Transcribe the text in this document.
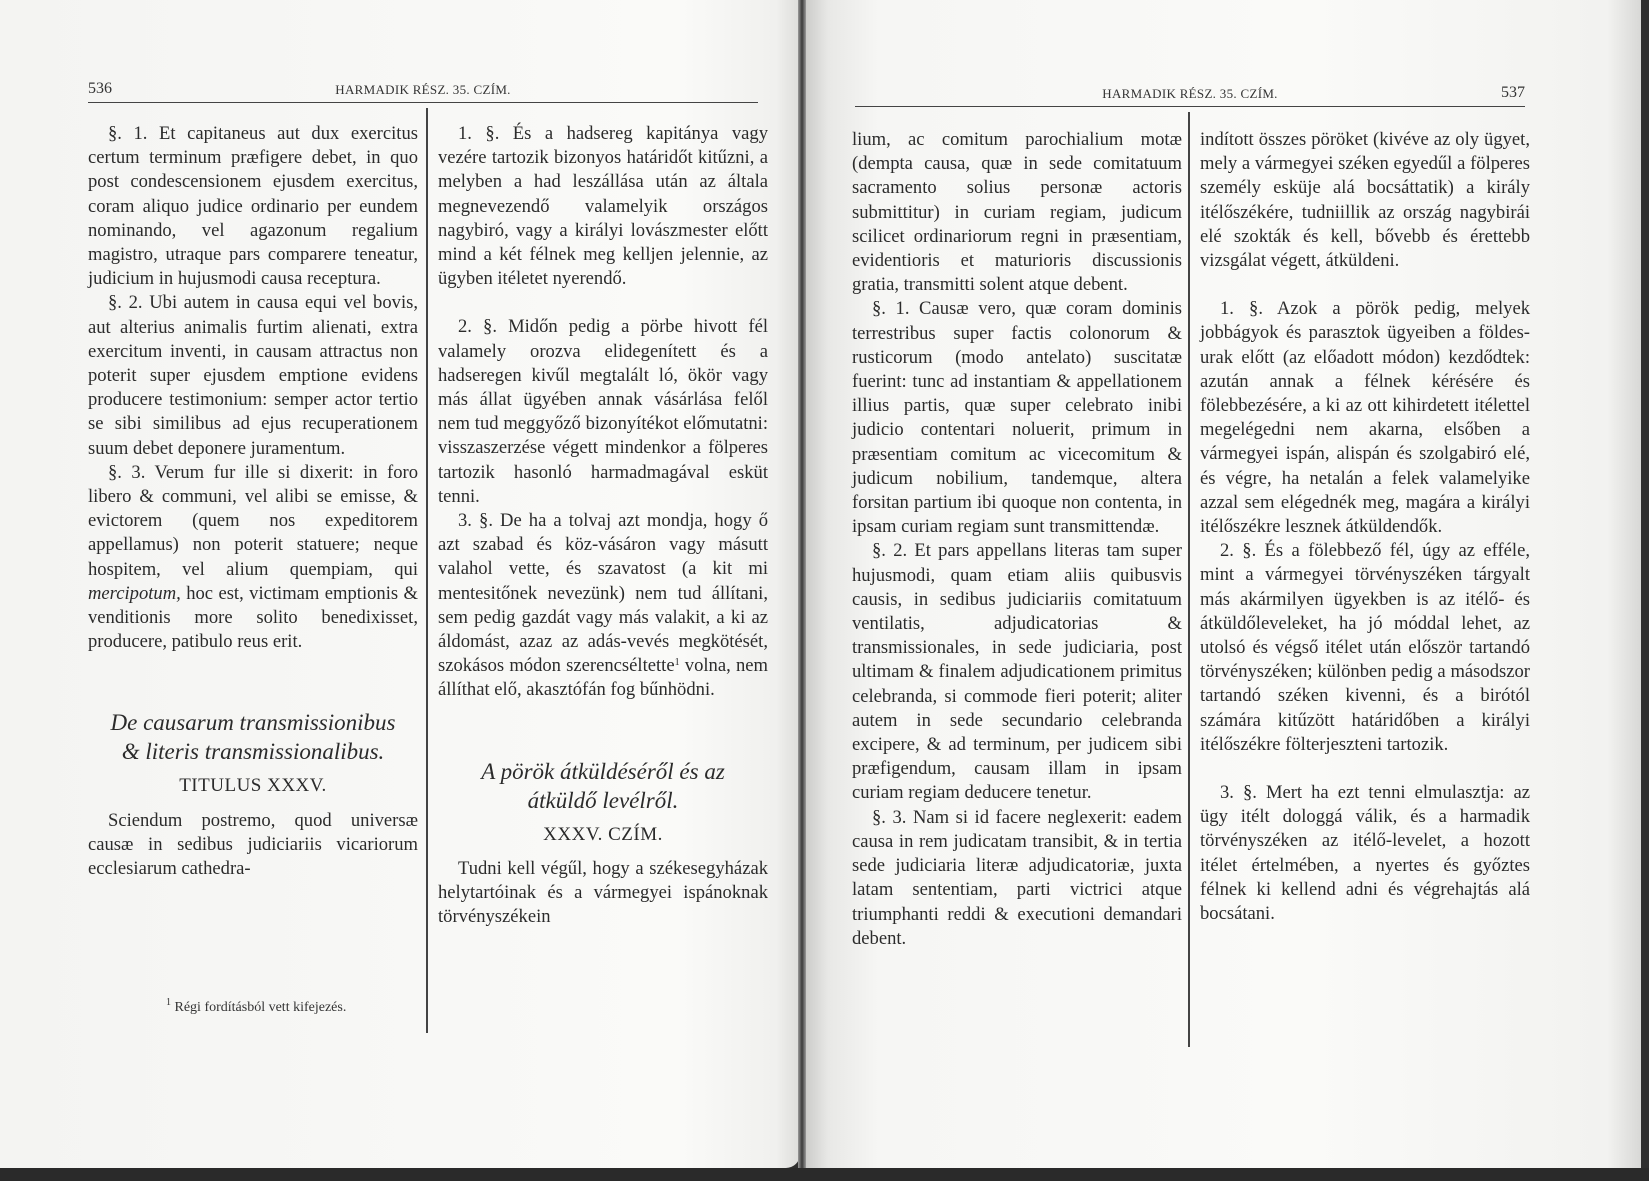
536	HARMADIK RÉSZ. 35. CZÍM.

§. 1. Et capitaneus aut dux exercitus certum terminum præfigere debet, in quo post condescensionem ejusdem exercitus, coram aliquo judice ordinario per eundem nominando, vel agazonum regalium magistro, utraque pars comparere teneatur, judicium in hujusmodi causa receptura.

§. 2. Ubi autem in causa equi vel bovis, aut alterius animalis furtim alienati, extra exercitum inventi, in causam attractus non poterit super ejusdem emptione evidens producere testimonium: semper actor tertio se sibi similibus ad ejus recuperationem suum debet deponere juramentum.

§. 3. Verum fur ille si dixerit: in foro libero & communi, vel alibi se emisse, & evictorem (quem nos expeditorem appellamus) non poterit statuere; neque hospitem, vel alium quempiam, qui mercipotum, hoc est, victimam emptionis & venditionis more solito benedixisset, producere, patibulo reus erit.

De causarum transmissionibus
& literis transmissionalibus.

TITULUS XXXV.

Sciendum postremo, quod universæ causæ in sedibus judiciariis vicariorum ecclesiarum cathedra-

1. §. És a hadsereg kapitánya vagy vezére tartozik bizonyos határidőt kitűzni, a melyben a had leszállása után az általa megnevezendő valamelyik országos nagybiró, vagy a királyi lovászmester előtt mind a két félnek meg kelljen jelennie, az ügyben itéletet nyerendő.

2. §. Midőn pedig a pörbe hivott fél valamely orozva elidegenített és a hadseregen kivűl megtalált ló, ökör vagy más állat ügyében annak vásárlása felől nem tud meggyőző bizonyítékot előmutatni: visszaszerzése végett mindenkor a fölperes tartozik hasonló harmadmagával esküt tenni.

3. §. De ha a tolvaj azt mondja, hogy ő azt szabad és köz-vásáron vagy másutt valahol vette, és szavatost (a kit mi mentesitőnek nevezünk) nem tud állítani, sem pedig gazdát vagy más valakit, a ki az áldomást, azaz az adás-vevés megkötését, szokásos módon szerencséltette$^1$ volna, nem állíthat elő, akasztófán fog bűnhödni.

A pörök átküldéséről és az
átküldő levélről.

XXXV. CZÍM.

Tudni kell végűl, hogy a székesegyházak helytartóinak és a vármegyei ispánoknak törvényszékein

$^1$ Régi fordításból vett kifejezés.
HARMADIK RÉSZ. 35. CZÍM.	537

lium, ac comitum parochialium motæ (dempta causa, quæ in sede comitatuum sacramento solius personæ actoris submittitur) in curiam regiam, judicum scilicet ordinariorum regni in præsentiam, evidentioris et maturioris discussionis gratia, transmitti solent atque debent.

§. 1. Causæ vero, quæ coram dominis terrestribus super factis colonorum & rusticorum (modo antelato) suscitatæ fuerint: tunc ad instantiam & appellationem illius partis, quæ super celebrato inibi judicio contentari noluerit, primum in præsentiam comitum ac vicecomitum & judicum nobilium, tandemque, altera forsitan partium ibi quoque non contenta, in ipsam curiam regiam sunt transmittendæ.

§. 2. Et pars appellans literas tam super hujusmodi, quam etiam aliis quibusvis causis, in sedibus judiciariis comitatuum ventilatis, adjudicatorias & transmissionales, in sede judiciaria, post ultimam & finalem adjudicationem primitus celebranda, si commode fieri poterit; aliter autem in sede secundario celebranda excipere, & ad terminum, per judicem sibi præfigendum, causam illam in ipsam curiam regiam deducere tenetur.

§. 3. Nam si id facere neglexerit: eadem causa in rem judicatam transibit, & in tertia sede judiciaria literæ adjudicatoriæ, juxta latam sententiam, parti victrici atque triumphanti reddi & executioni demandari debent.

indított összes pöröket (kivéve az oly ügyet, mely a vármegyei széken egyedűl a fölperes személy esküje alá bocsáttatik) a király itélőszékére, tudniillik az ország nagybirái elé szokták és kell, bővebb és érettebb vizsgálat végett, átküldeni.

1. §. Azok a pörök pedig, melyek jobbágyok és parasztok ügyeiben a földes-urak előtt (az előadott módon) kezdődtek: azután annak a félnek kérésére és fölebbezésére, a ki az ott kihirdetett itélettel megelégedni nem akarna, elsőben a vármegyei ispán, alispán és szolgabiró elé, és végre, ha netalán a felek valamelyike azzal sem elégednék meg, magára a királyi itélőszékre lesznek átküldendők.

2. §. És a fölebbező fél, úgy az efféle, mint a vármegyei törvényszéken tárgyalt más akármilyen ügyekben is az itélő- és átküldőleveleket, ha jó móddal lehet, az utolsó és végső itélet után először tartandó törvényszéken; különben pedig a másodszor tartandó széken kivenni, és a birótól számára kitűzött határidőben a királyi itélőszékre fölterjeszteni tartozik.

3. §. Mert ha ezt tenni elmulasztja: az ügy itélt dologgá válik, és a harmadik törvényszéken az itélő-levelet, a hozott itélet értelmében, a nyertes és győztes félnek ki kellend adni és végrehajtás alá bocsátani.
